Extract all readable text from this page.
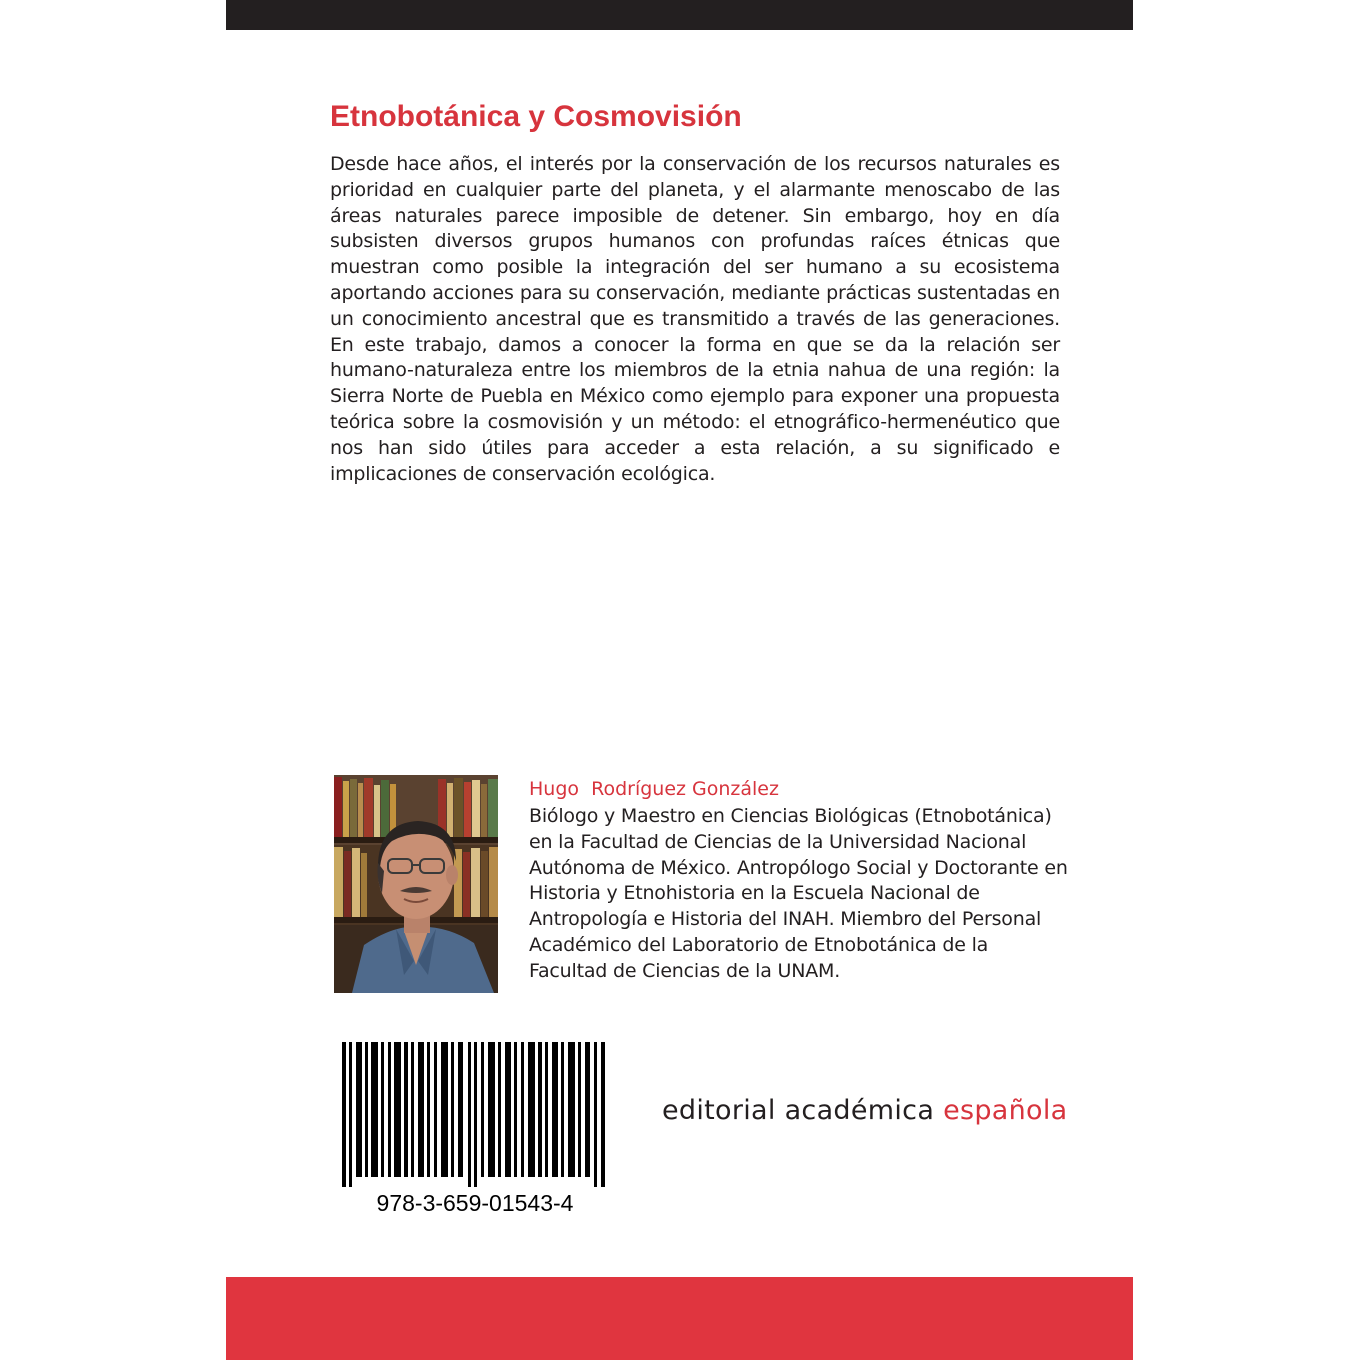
Etnobotánica y Cosmovisión

Desde hace años, el interés por la conservación de los recursos naturales es prioridad en cualquier parte del planeta, y el alarmante menoscabo de las áreas naturales parece imposible de detener. Sin embargo, hoy en día subsisten diversos grupos humanos con profundas raíces étnicas que muestran como posible la integración del ser humano a su ecosistema aportando acciones para su conservación, mediante prácticas sustentadas en un conocimiento ancestral que es transmitido a través de las generaciones. En este trabajo, damos a conocer la forma en que se da la relación ser humano-naturaleza entre los miembros de la etnia nahua de una región: la Sierra Norte de Puebla en México como ejemplo para exponer una propuesta teórica sobre la cosmovisión y un método: el etnográfico-hermenéutico que nos han sido útiles para acceder a esta relación, a su significado e implicaciones de conservación ecológica.

Hugo  Rodríguez González

Biólogo y Maestro en Ciencias Biológicas (Etnobotánica) en la Facultad de Ciencias de la Universidad Nacional Autónoma de México. Antropólogo Social y Doctorante en Historia y Etnohistoria en la Escuela Nacional de Antropología e Historia del INAH. Miembro del Personal Académico del Laboratorio de Etnobotánica de la Facultad de Ciencias de la UNAM.

978-3-659-01543-4

editorial académica española
